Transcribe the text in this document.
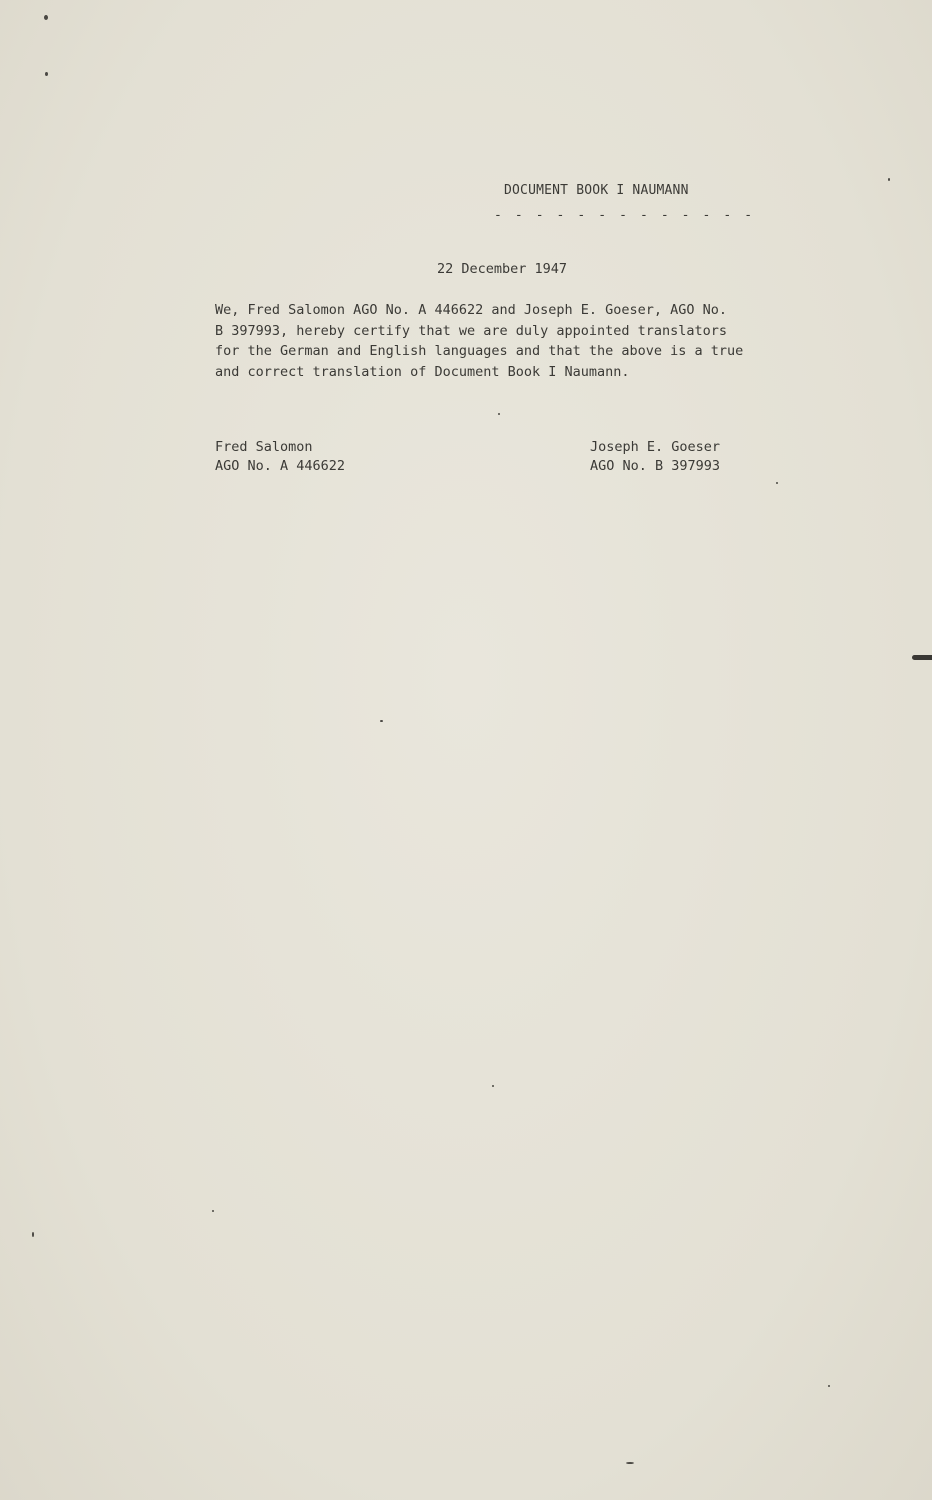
DOCUMENT BOOK I NAUMANN
- - - - - - - - - - - - -
22 December 1947
We, Fred Salomon AGO No. A 446622 and Joseph E. Goeser, AGO No.
B 397993, hereby certify that we are duly appointed translators
for the German and English languages and that the above is a true
and correct translation of Document Book I Naumann.
Fred Salomon
AGO No. A 446622
Joseph E. Goeser
AGO No. B 397993
